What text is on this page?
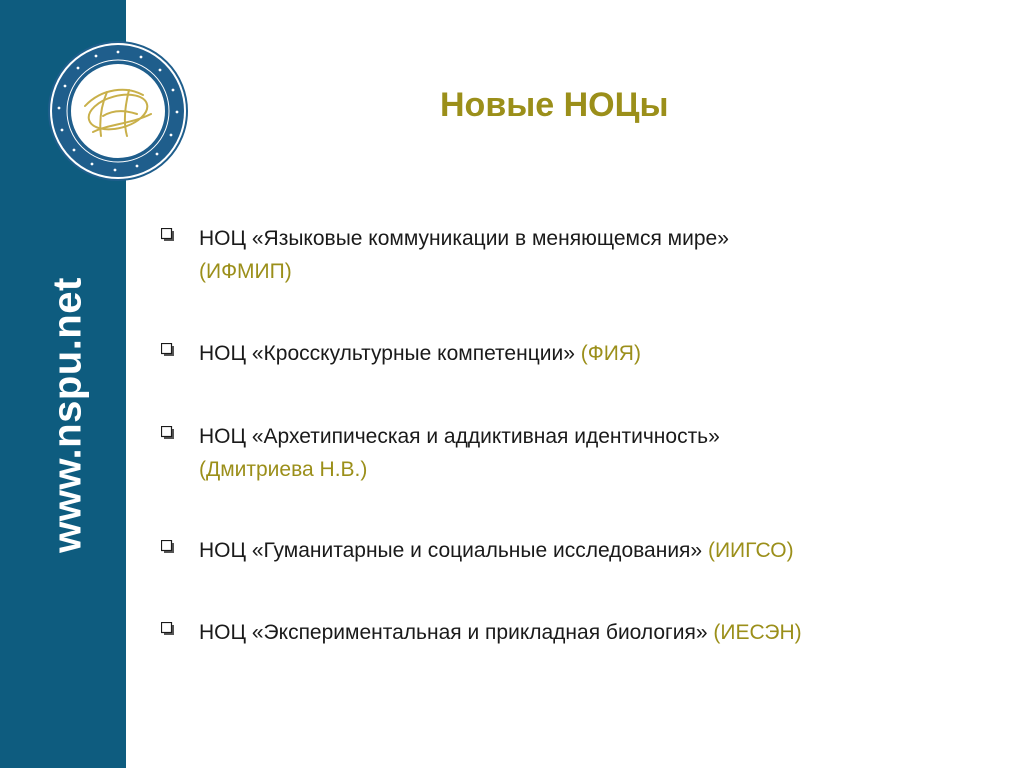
www.nspu.net
Новые НОЦы
НОЦ «Языковые коммуникации в меняющемся мире»
(ИФМИП)
НОЦ «Кросскультурные компетенции» (ФИЯ)
НОЦ «Архетипическая и аддиктивная идентичность»
(Дмитриева Н.В.)
НОЦ «Гуманитарные и социальные исследования» (ИИГСО)
НОЦ «Экспериментальная и прикладная биология» (ИЕСЭН)
